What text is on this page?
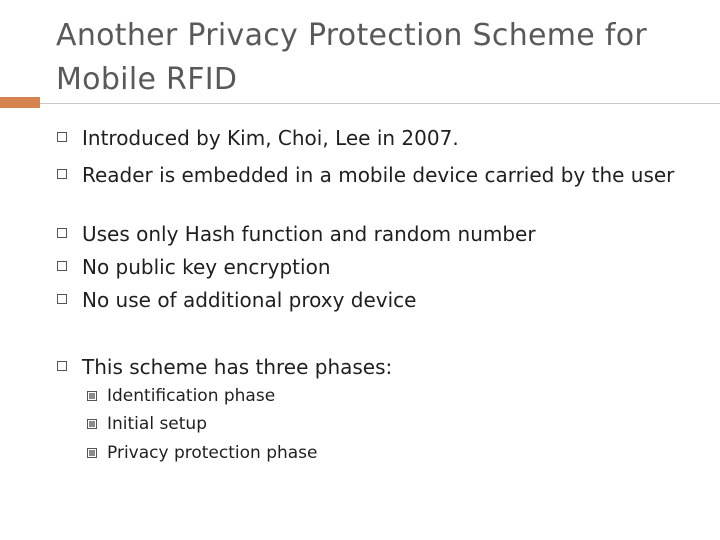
Another Privacy Protection Scheme for Mobile RFID
Introduced by Kim, Choi, Lee in 2007.
Reader is embedded in a mobile device carried by the user
Uses only Hash function and random number
No public key encryption
No use of additional proxy device
This scheme has three phases:
Identification phase
Initial setup
Privacy protection phase
